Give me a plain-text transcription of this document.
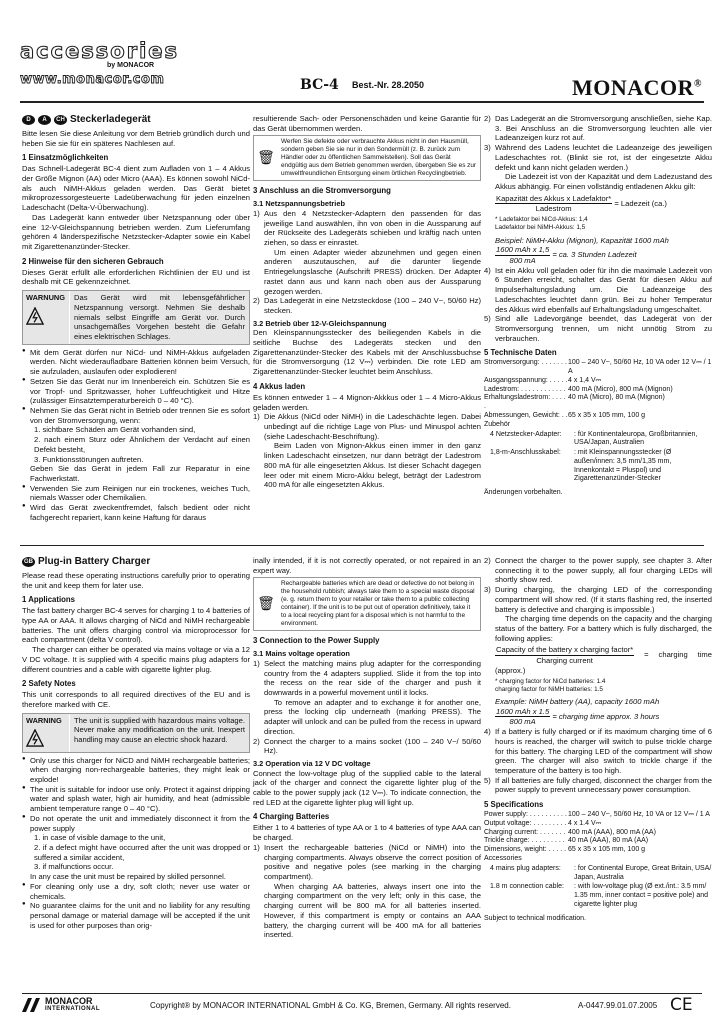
accessories
by MONACOR
www.monacor.com	BC-4 Best.-Nr. 28.2050	MONACOR®
D	A	CH Steckerladegerät

Bitte lesen Sie diese Anleitung vor dem Betrieb gründlich durch und heben Sie sie für ein späteres Nachlesen auf.

1 Einsatzmöglichkeiten

Das Schnell-Ladegerät BC-4 dient zum Aufladen von 1 – 4 Akkus der Größe Mignon (AA) oder Micro (AAA). Es können sowohl NiCd- als auch NiMH-Akkus geladen werden. Das Gerät bietet mikroprozessorgesteuerte Ladeüberwachung für jeden einzelnen Ladeschacht (Delta-V-Überwachung).

Das Ladegerät kann entweder über Netzspannung oder über eine 12-V-Gleichspannung betrieben werden. Zum Lieferumfang gehören 4 länderspezifische Netzstecker-Adapter sowie ein Kabel mit Zigarettenanzünder-Stecker.

2 Hinweise für den sicheren Gebrauch

Dieses Gerät erfüllt alle erforderlichen Richtlinien der EU und ist deshalb mit CE gekennzeichnet.

WARNUNG	Das Gerät wird mit lebensgefährlicher Netzspannung versorgt. Nehmen Sie deshalb niemals selbst Eingriffe am Gerät vor. Durch unsachgemäßes Vorgehen besteht die Gefahr eines elektrischen Schlages.
● Mit dem Gerät dürfen nur NiCd- und NiMH-Akkus aufgeladen werden. Nicht wiederaufladbare Batterien können beim Versuch, sie aufzuladen, auslaufen oder explodieren!
● Setzen Sie das Gerät nur im Innenbereich ein. Schützen Sie es vor Tropf- und Spritzwasser, hoher Luftfeuchtigkeit und Hitze (zulässiger Einsatztemperaturbereich 0 – 40 °C).
● Nehmen Sie das Gerät nicht in Betrieb oder trennen Sie es sofort von der Stromversorgung, wenn:
1. sichtbare Schäden am Gerät vorhanden sind,
2. nach einem Sturz oder Ähnlichem der Verdacht auf einen Defekt besteht,
3. Funktionsstörungen auftreten.
Geben Sie das Gerät in jedem Fall zur Reparatur in eine Fachwerkstatt.
● Verwenden Sie zum Reinigen nur ein trockenes, weiches Tuch, niemals Wasser oder Chemikalien.
● Wird das Gerät zweckentfremdet, falsch bedient oder nicht fachgerecht repariert, kann keine Haftung für daraus

resultierende Sach- oder Personenschäden und keine Garantie für das Gerät übernommen werden.

🗑
Werfen Sie defekte oder verbrauchte Akkus nicht in den Hausmüll, sondern geben Sie sie nur in den Sondermüll (z. B. zurück zum Händler oder zu öffentlichen Sammelstellen). Soll das Gerät endgültig aus dem Betrieb genommen werden, übergeben Sie es zur umweltfreundlichen Entsorgung einem örtlichen Recyclingbetrieb.
3 Anschluss an die Stromversorgung
3.1 Netzspannungsbetrieb
1) Aus den 4 Netzstecker-Adaptern den passenden für das jeweilige Land auswählen, ihn von oben in die Aussparung auf der Rückseite des Ladegeräts schieben und kräftig nach unten ziehen, so dass er einrastet.
Um einen Adapter wieder abzunehmen und gegen einen anderen auszutauschen, auf die darunter liegende Entriegelungslasche (Aufschrift PRESS) drücken. Der Adapter rastet dann aus und kann nach oben aus der Aussparung gezogen werden.
2) Das Ladegerät in eine Netzsteckdose (100 – 240 V~, 50/60 Hz) stecken.
3.2 Betrieb über 12-V-Gleichspannung

Den Kleinspannungsstecker des beiliegenden Kabels in die seitliche Buchse des Ladegeräts stecken und den Zigarettenanzünder-Stecker des Kabels mit der Anschlussbuchse für die Stromversorgung (12 V⎓) verbinden. Die rote LED am Zigarettenanzünder-Stecker leuchtet beim Anschluss.

4 Akkus laden

Es können entweder 1 – 4 Mignon-Akkkus oder 1 – 4 Micro-Akkus geladen werden.

1) Die Akkus (NiCd oder NiMH) in die Ladeschächte legen. Dabei unbedingt auf die richtige Lage von Plus- und Minuspol achten (siehe Ladeschacht-Beschriftung).
Beim Laden von Mignon-Akkus einen immer in den ganz linken Ladeschacht einsetzen, nur dann beträgt der Ladestrom 800 mA für alle eingesetzten Akkus. Ist dieser Schacht dagegen leer oder mit einem Micro-Akku belegt, beträgt der Ladestrom 400 mA für alle eingesetzten Akkus.
2) Das Ladegerät an die Stromversorgung anschließen, siehe Kap. 3. Bei Anschluss an die Stromversorgung leuchten alle vier Ladeanzeigen kurz rot auf.
3) Während des Ladens leuchtet die Ladeanzeige des jeweiligen Ladeschachtes rot. (Blinkt sie rot, ist der eingesetzte Akku defekt und kann nicht geladen werden.)
Die Ladezeit ist von der Kapazität und dem Ladezustand des Akkus abhängig. Für einen vollständig entladenen Akku gilt:
$\frac{\text{Kapazität des Akkus x Ladefaktor*}}{\text{Ladestrom}}$ = Ladezeit (ca.)
* Ladefaktor bei NiCd-Akkus: 1,4
Ladefaktor bei NiMH-Akkus: 1,5
Beispiel: NiMH-Akku (Mignon), Kapazität 1600 mAh
$\frac{\text{1600 mAh x 1,5}}{800 mA}$ = ca. 3 Stunden Ladezeit
4) Ist ein Akku voll geladen oder für ihn die maximale Ladezeit von 6 Stunden erreicht, schaltet das Gerät für diesen Akku auf Impulserhaltungsladung um. Die Ladeanzeige des Ladeschachtes leuchtet dann grün. Bei zu hoher Temperatur des Akkus wird ebenfalls auf Erhaltungsladung umgeschaltet.
5) Sind alle Ladevorgänge beendet, das Ladegerät von der Stromversorgung trennen, um nicht unnötig Strom zu verbrauchen.
5 Technische Daten
Stromversorgung: . . . . . . . 100 – 240 V~, 50/60 Hz, 10 VA oder 12 V⎓ / 1 A
Ausgangsspannung: . . . . . 4 x 1,4 V⎓
Ladestrom: . . . . . . . . . . . . 400 mA (Micro), 800 mA (Mignon)
Erhaltungsladestrom: . . . . .
40 mA (Micro), 80 mA (Mignon)
Abmessungen, Gewicht: . . 65 x 35 x 105 mm, 100 g
Zubehör
4 Netzstecker-Adapter:	: für Kontinentaleuropa, Großbritannien, USA/Japan, Australien
1,8-m-Anschlusskabel:	: mit Kleinspannungsstecker (Ø außen/innen: 3,5 mm/1,35 mm, Innenkontakt = Pluspol) und Zigarettenanzünder-Stecker
Änderungen vorbehalten.
GB Plug-in Battery Charger

Please read these operating instructions carefully prior to operating the unit and keep them for later use.

1 Applications

The fast battery charger BC-4 serves for charging 1 to 4 batteries of type AA or AAA. It allows charging of NiCd and NiMH rechargeable batteries. The unit offers charging control via microprocessor for each compartment (delta V control).

The charger can either be operated via mains voltage or via a 12 V DC voltage. It is supplied with 4 specific mains plug adapters for different countries and a cable with cigarette lighter plug.

2 Safety Notes

This unit corresponds to all required directives of the EU and is therefore marked with CE.

WARNING	The unit is supplied with hazardous mains voltage. Never make any modification on the unit. Inexpert handling may cause an electric shock hazard.
● Only use this charger for NiCD and NiMH rechargeable batteries; when charging non-rechargeable batteries, they might leak or explode!
● The unit is suitable for indoor use only. Protect it against dripping water and splash water, high air humidity, and heat (admissible ambient temperature range 0 – 40 °C).
● Do not operate the unit and immediately disconnect it from the power supply
1. in case of visible damage to the unit,
2. if a defect might have occurred after the unit was dropped or suffered a similar accident,
3. if malfunctions occur.
In any case the unit must be repaired by skilled personnel.
● For cleaning only use a dry, soft cloth; never use water or chemicals.
● No guarantee claims for the unit and no liability for any resulting personal damage or material damage will be accepted if the unit is used for other purposes than orig-

inally intended, if it is not correctly operated, or not repaired in an expert way.

🗑
Rechargeable batteries which are dead or defective do not belong in the household rubbish; always take them to a special waste disposal (e. g. return them to your retailer or take them to a public collecting container). If the unit is to be put out of operation definitively, take it to a local recycling plant for a disposal which is not harmful to the environment.
3 Connection to the Power Supply
3.1 Mains voltage operation
1) Select the matching mains plug adapter for the corresponding country from the 4 adapters supplied. Slide it from the top into the recess on the rear side of the charger and push it downwards in a powerful movement until it locks.
To remove an adapter and to exchange it for another one, press the locking clip underneath (marking PRESS). The adapter will unlock and can be pulled from the recess in upward direction.
2) Connect the charger to a mains socket (100 – 240 V~/ 50/60 Hz).
3.2 Operation via 12 V DC voltage

Connect the low-voltage plug of the supplied cable to the lateral jack of the charger and connect the cigarette lighter plug of the cable to the power supply jack (12 V⎓). To indicate connection, the red LED at the cigarette lighter plug will light up.

4 Charging Batteries

Either 1 to 4 batteries of type AA or 1 to 4 batteries of type AAA can be charged.

1) Insert the rechargeable batteries (NiCd or NiMH) into the charging compartments. Always observe the correct position of positive and negative poles (see marking in the charging compartment).
When charging AA batteries, always insert one into the charging compartment on the very left; only in this case, the charging current will be 800 mA for all batteries inserted. However, if this compartment is empty or contains an AAA battery, the charging current will be 400 mA for all batteries inserted.
2) Connect the charger to the power supply, see chapter 3. After connecting it to the power supply, all four charging LEDs will shortly show red.
3) During charging, the charging LED of the corresponding compartment will show red. (If it starts flashing red, the inserted battery is defective and charging is impossible.)
The charging time depends on the capacity and the charging status of the battery. For a battery which is fully discharged, the following applies:
$\frac{\text{Capacity of the battery x charging factor*}}{\text{Charging current}}$ = charging time (approx.)
* charging factor for NiCd batteries: 1.4
charging factor for NiMH batteries: 1.5
Example: NiMH battery (AA), capacity 1600 mAh
$\frac{\text{1600 mAh x 1.5}}{800 mA}$ = charging time approx. 3 hours
4) If a battery is fully charged or if its maximum charging time of 6 hours is reached, the charger will switch to pulse trickle charge for this battery. The charging LED of the compartment will show green. The charger will also switch to trickle charge if the temperature of the battery is too high.
5) If all batteries are fully charged, disconnect the charger from the power supply to prevent unnecessary power consumption.
5 Specifications
Power supply: . . . . . . . . . . 100 – 240 V~, 50/60 Hz, 10 VA or 12 V⎓ / 1 A
Output voltage: . . . . . . . . . 4 x 1.4 V⎓
Charging current: . . . . . . . 400 mA (AAA), 800 mA (AA)
Trickle charge: . . . . . . . . . 40 mA (AAA), 80 mA (AA)
Dimensions, weight: . . . . . 65 x 35 x 105 mm, 100 g
Accessories
4 mains plug adapters:	: for Continental Europe, Great Britain, USA/ Japan, Australia
1.8 m connection cable:	: with low-voltage plug (Ø ext./int.: 3.5 mm/ 1.35 mm, inner contact = positive pole) and cigarette lighter plug
Subject to technical modification.
MONACOR
INTERNATIONAL	Copyright® by MONACOR INTERNATIONAL GmbH & Co. KG, Bremen, Germany. All rights reserved.	A-0447.99.01.07.2005 CE
